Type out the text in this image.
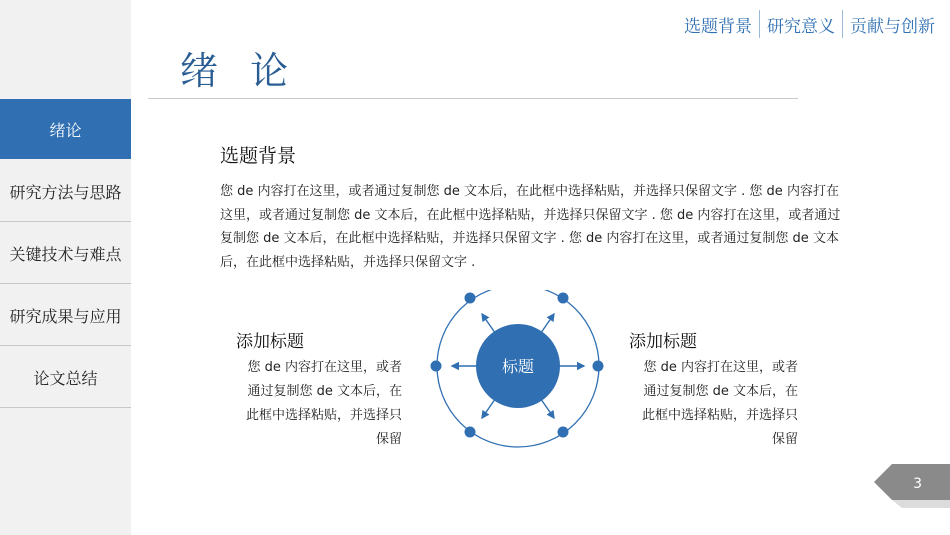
绪论
研究方法与思路
关键技术与难点
研究成果与应用
论文总结
选题背景 研究意义 贡献与创新
绪 论
选题背景
您 de 内容打在这里，或者通过复制您 de 文本后，在此框中选择粘贴，并选择只保留文字 . 您 de 内容打在
这里，或者通过复制您 de 文本后，在此框中选择粘贴，并选择只保留文字 . 您 de 内容打在这里，或者通过
复制您 de 文本后，在此框中选择粘贴，并选择只保留文字 . 您 de 内容打在这里，或者通过复制您 de 文本
后，在此框中选择粘贴，并选择只保留文字 .
添加标题
您 de 内容打在这里，或者
通过复制您 de 文本后，在
此框中选择粘贴，并选择只
保留
添加标题
您 de 内容打在这里，或者
通过复制您 de 文本后，在
此框中选择粘贴，并选择只
保留
标题
3
